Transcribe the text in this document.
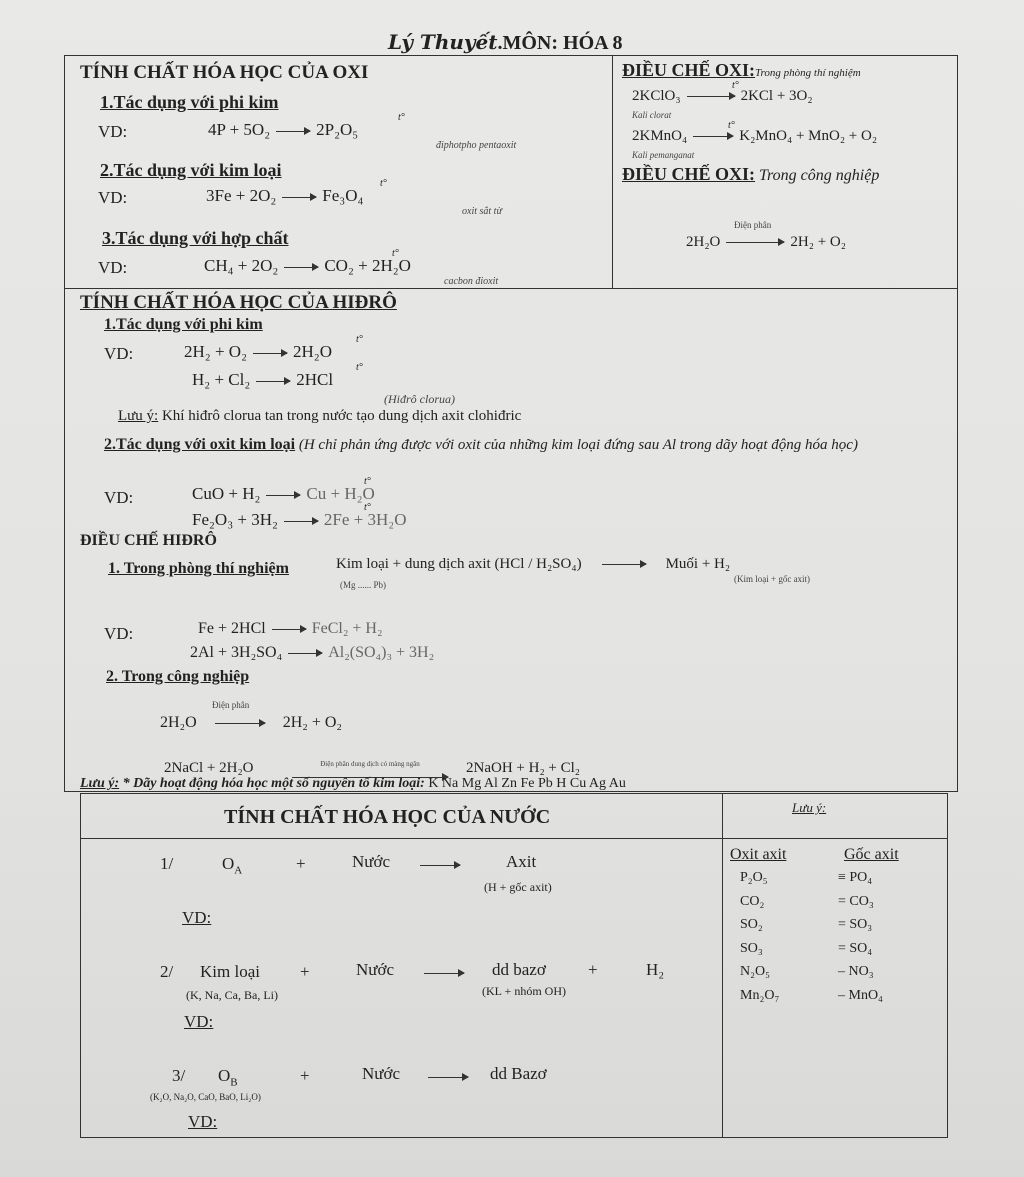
Lý Thuyết.MÔN: HÓA 8
TÍNH CHẤT HÓA HỌC CỦA OXI
1.Tác dụng với phi kim
VD:	4P + 5O₂	2P₂O₅
t°
điphotpho pentaoxit
2.Tác dụng với kim loại
VD:	3Fe + 2O₂	Fe₃O₄
t°
oxit sắt từ
3.Tác dụng với hợp chất
VD:	CH₄ + 2O₂	CO₂ + 2H₂O
t°
cacbon đioxit
ĐIỀU CHẾ OXI:Trong phòng thí nghiệm
2KClO₃	2KCl + 3O₂
t°
Kali clorat
2KMnO₄	K₂MnO₄ + MnO₂ + O₂
t°
Kali pemanganat
ĐIỀU CHẾ OXI: Trong công nghiệp
Điện phân
2H₂O	2H₂ + O₂
TÍNH CHẤT HÓA HỌC CỦA HIĐRÔ
1.Tác dụng với phi kim
VD:	2H₂ + O₂	2H₂O
t°
H₂ + Cl₂	2HCl
t°
(Hiđrô clorua)
Lưu ý: Khí hiđrô clorua tan trong nước tạo dung dịch axit clohiđric
2.Tác dụng với oxit kim loại (H chỉ phản ứng được với oxit của những kim loại đứng sau Al trong dãy hoạt động hóa học)
VD:	CuO + H₂	Cu + H₂O
t°
Fe₂O₃ + 3H₂	2Fe + 3H₂O
t°
ĐIỀU CHẾ HIĐRÔ
1. Trong phòng thí nghiệm	Kim loại + dung dịch axit (HCl / H₂SO₄)	Muối + H₂
(Mg ...... Pb)
(Kim loại + gốc axit)
VD:	Fe + 2HCl	FeCl₂ + H₂
2Al + 3H₂SO₄	Al₂(SO₄)₃ + 3H₂
2. Trong công nghiệp
Điện phân
2H₂O	2H₂ + O₂
2NaCl + 2H₂O	Điện phân dung dịch có màng ngăn	2NaOH + H₂ + Cl₂
Lưu ý: * Dãy hoạt động hóa học một số nguyên tố kim loại: K Na Mg Al Zn Fe Pb H Cu Ag Au
TÍNH CHẤT HÓA HỌC CỦA NƯỚC	Lưu ý:
1/	$O_A$	+	Nước	Axit
(H + gốc axit)
VD:
2/ Kim loại +	Nước	dd bazơ +	H₂
(K, Na, Ca, Ba, Li)	(KL + nhóm OH)
VD:
3/ $O_B$	+	Nước	dd Bazơ
(K₂O, Na₂O, CaO, BaO, Li₂O)
VD:
Oxit axit	Gốc axit
P₂O₅	≡ PO₄
CO₂	= CO₃
SO₂	= SO₃
SO₃	= SO₄
N₂O₅	– NO₃
Mn₂O₇	– MnO₄
